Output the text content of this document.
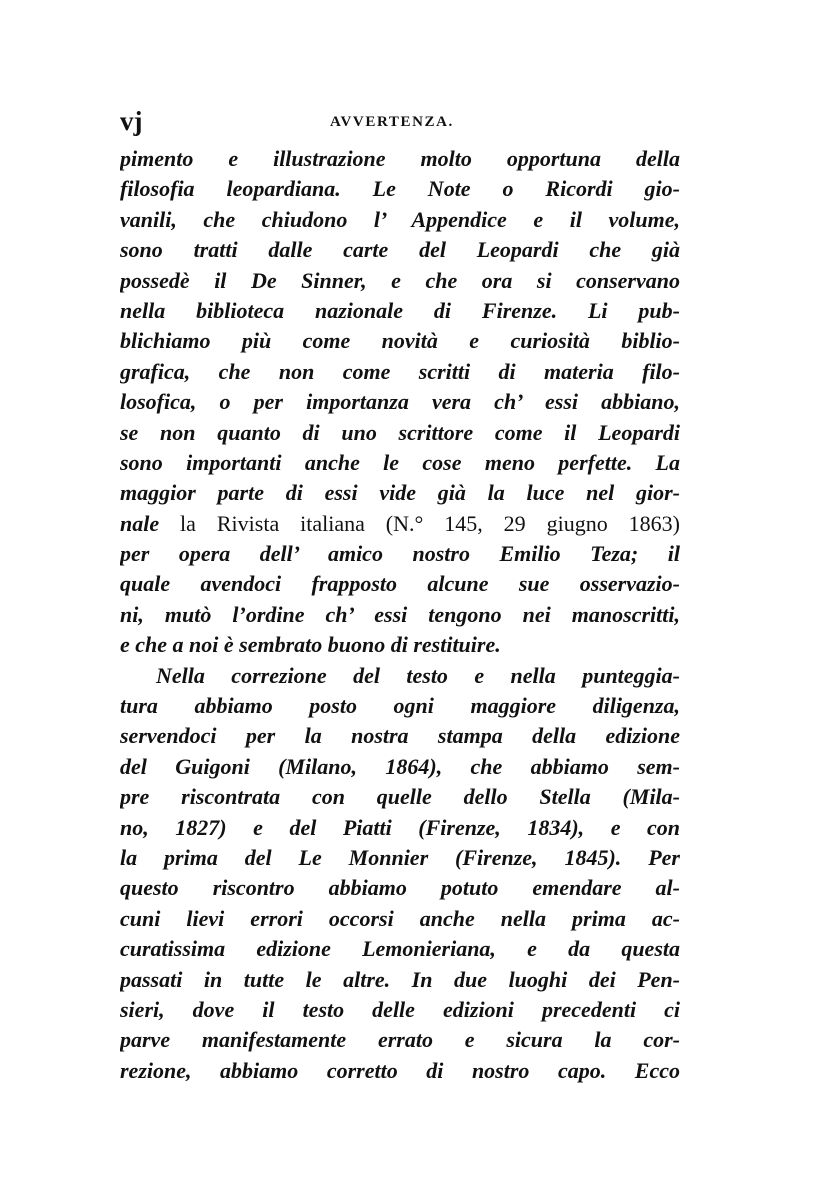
vj	AVVERTENZA.
pimento e illustrazione molto opportuna della
filosofia leopardiana. Le Note o Ricordi gio-
vanili, che chiudono l’ Appendice e il volume,
sono tratti dalle carte del Leopardi che già
possedè il De Sinner, e che ora si conservano
nella biblioteca nazionale di Firenze. Li pub-
blichiamo più come novità e curiosità biblio-
grafica, che non come scritti di materia filo-
losofica, o per importanza vera ch’ essi abbiano,
se non quanto di uno scrittore come il Leopardi
sono importanti anche le cose meno perfette. La
maggior parte di essi vide già la luce nel gior-
nale la Rivista italiana (N.° 145, 29 giugno 1863)
per opera dell’ amico nostro Emilio Teza; il
quale avendoci frapposto alcune sue osservazio-
ni, mutò l’ordine ch’ essi tengono nei manoscritti,
e che a noi è sembrato buono di restituire.
Nella correzione del testo e nella punteggia-
tura abbiamo posto ogni maggiore diligenza,
servendoci per la nostra stampa della edizione
del Guigoni (Milano, 1864), che abbiamo sem-
pre riscontrata con quelle dello Stella (Mila-
no, 1827) e del Piatti (Firenze, 1834), e con
la prima del Le Monnier (Firenze, 1845). Per
questo riscontro abbiamo potuto emendare al-
cuni lievi errori occorsi anche nella prima ac-
curatissima edizione Lemonieriana, e da questa
passati in tutte le altre. In due luoghi dei Pen-
sieri, dove il testo delle edizioni precedenti ci
parve manifestamente errato e sicura la cor-
rezione, abbiamo corretto di nostro capo. Ecco
